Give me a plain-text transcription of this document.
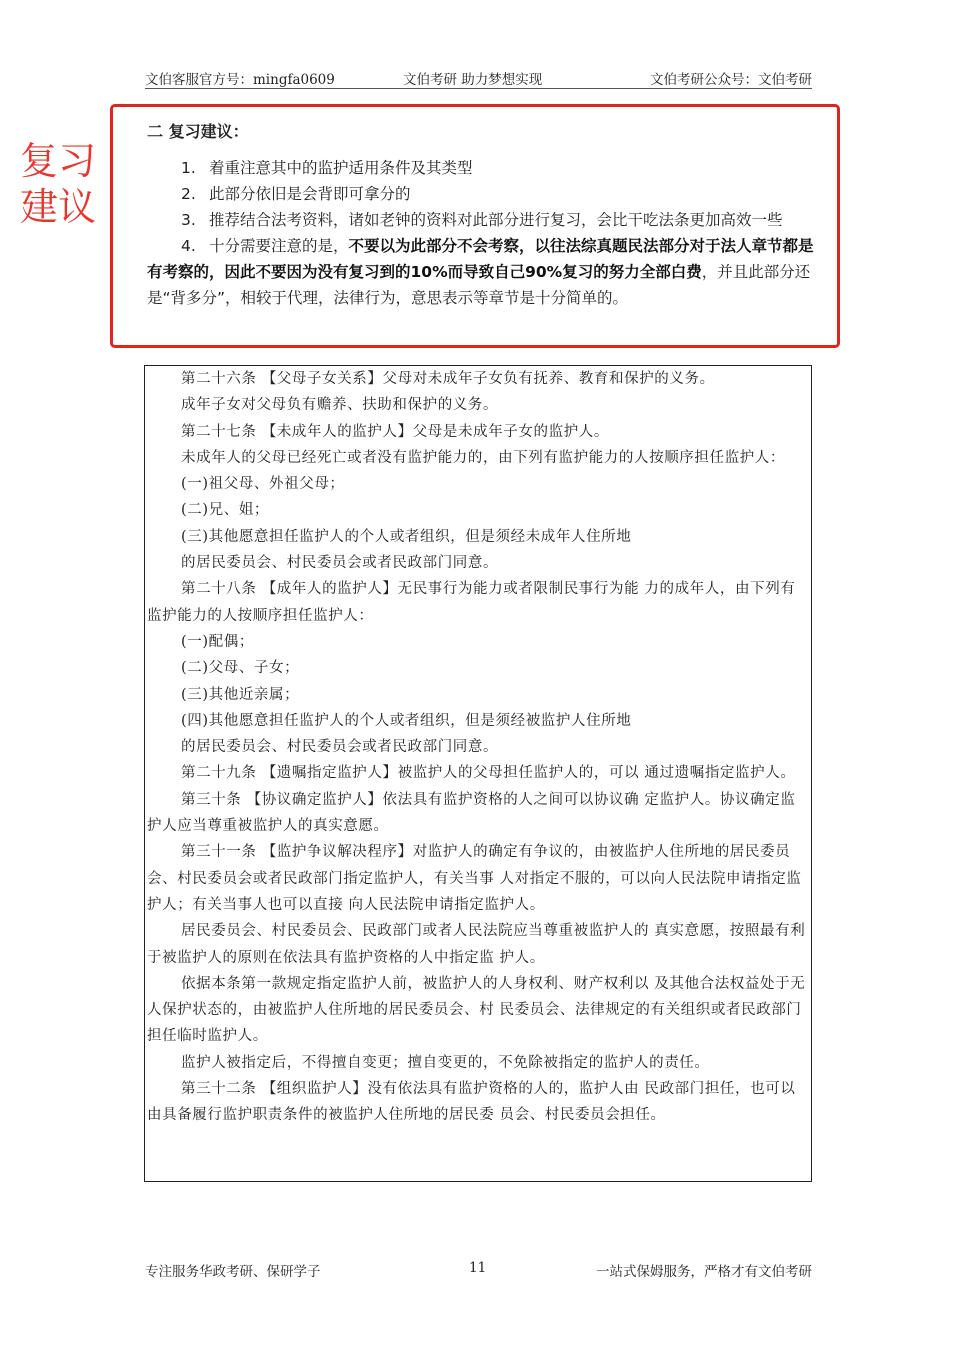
文伯客服官方号：mingfa0609	文伯考研 助力梦想实现	文伯考研公众号：文伯考研
复习
建议
二 复习建议：
1. 着重注意其中的监护适用条件及其类型
2. 此部分依旧是会背即可拿分的
3. 推荐结合法考资料，诸如老钟的资料对此部分进行复习，会比干吃法条更加高效一些
4. 十分需要注意的是，不要以为此部分不会考察，以往法综真题民法部分对于法人章节都是有考察的，因此不要因为没有复习到的10%而导致自己90%复习的努力全部白费，并且此部分还是“背多分”，相较于代理，法律行为，意思表示等章节是十分简单的。

第二十六条 【父母子女关系】父母对未成年子女负有抚养、教育和保护的义务。

成年子女对父母负有赡养、扶助和保护的义务。

第二十七条 【未成年人的监护人】父母是未成年子女的监护人。

未成年人的父母已经死亡或者没有监护能力的，由下列有监护能力的人按顺序担任监护人：

(一)祖父母、外祖父母；

(二)兄、姐；

(三)其他愿意担任监护人的个人或者组织，但是须经未成年人住所地

的居民委员会、村民委员会或者民政部门同意。

第二十八条 【成年人的监护人】无民事行为能力或者限制民事行为能 力的成年人，由下列有监护能力的人按顺序担任监护人：

(一)配偶；

(二)父母、子女；

(三)其他近亲属；

(四)其他愿意担任监护人的个人或者组织，但是须经被监护人住所地

的居民委员会、村民委员会或者民政部门同意。

第二十九条 【遗嘱指定监护人】被监护人的父母担任监护人的，可以 通过遗嘱指定监护人。

第三十条 【协议确定监护人】依法具有监护资格的人之间可以协议确 定监护人。协议确定监护人应当尊重被监护人的真实意愿。

第三十一条 【监护争议解决程序】对监护人的确定有争议的，由被监护人住所地的居民委员会、村民委员会或者民政部门指定监护人，有关当事 人对指定不服的，可以向人民法院申请指定监护人；有关当事人也可以直接 向人民法院申请指定监护人。

居民委员会、村民委员会、民政部门或者人民法院应当尊重被监护人的 真实意愿，按照最有利于被监护人的原则在依法具有监护资格的人中指定监 护人。

依据本条第一款规定指定监护人前，被监护人的人身权利、财产权利以 及其他合法权益处于无人保护状态的，由被监护人住所地的居民委员会、村 民委员会、法律规定的有关组织或者民政部门担任临时监护人。

监护人被指定后，不得擅自变更；擅自变更的，不免除被指定的监护人的责任。

第三十二条 【组织监护人】没有依法具有监护资格的人的，监护人由 民政部门担任，也可以由具备履行监护职责条件的被监护人住所地的居民委 员会、村民委员会担任。

专注服务华政考研、保研学子	11	一站式保姆服务，严格才有文伯考研
